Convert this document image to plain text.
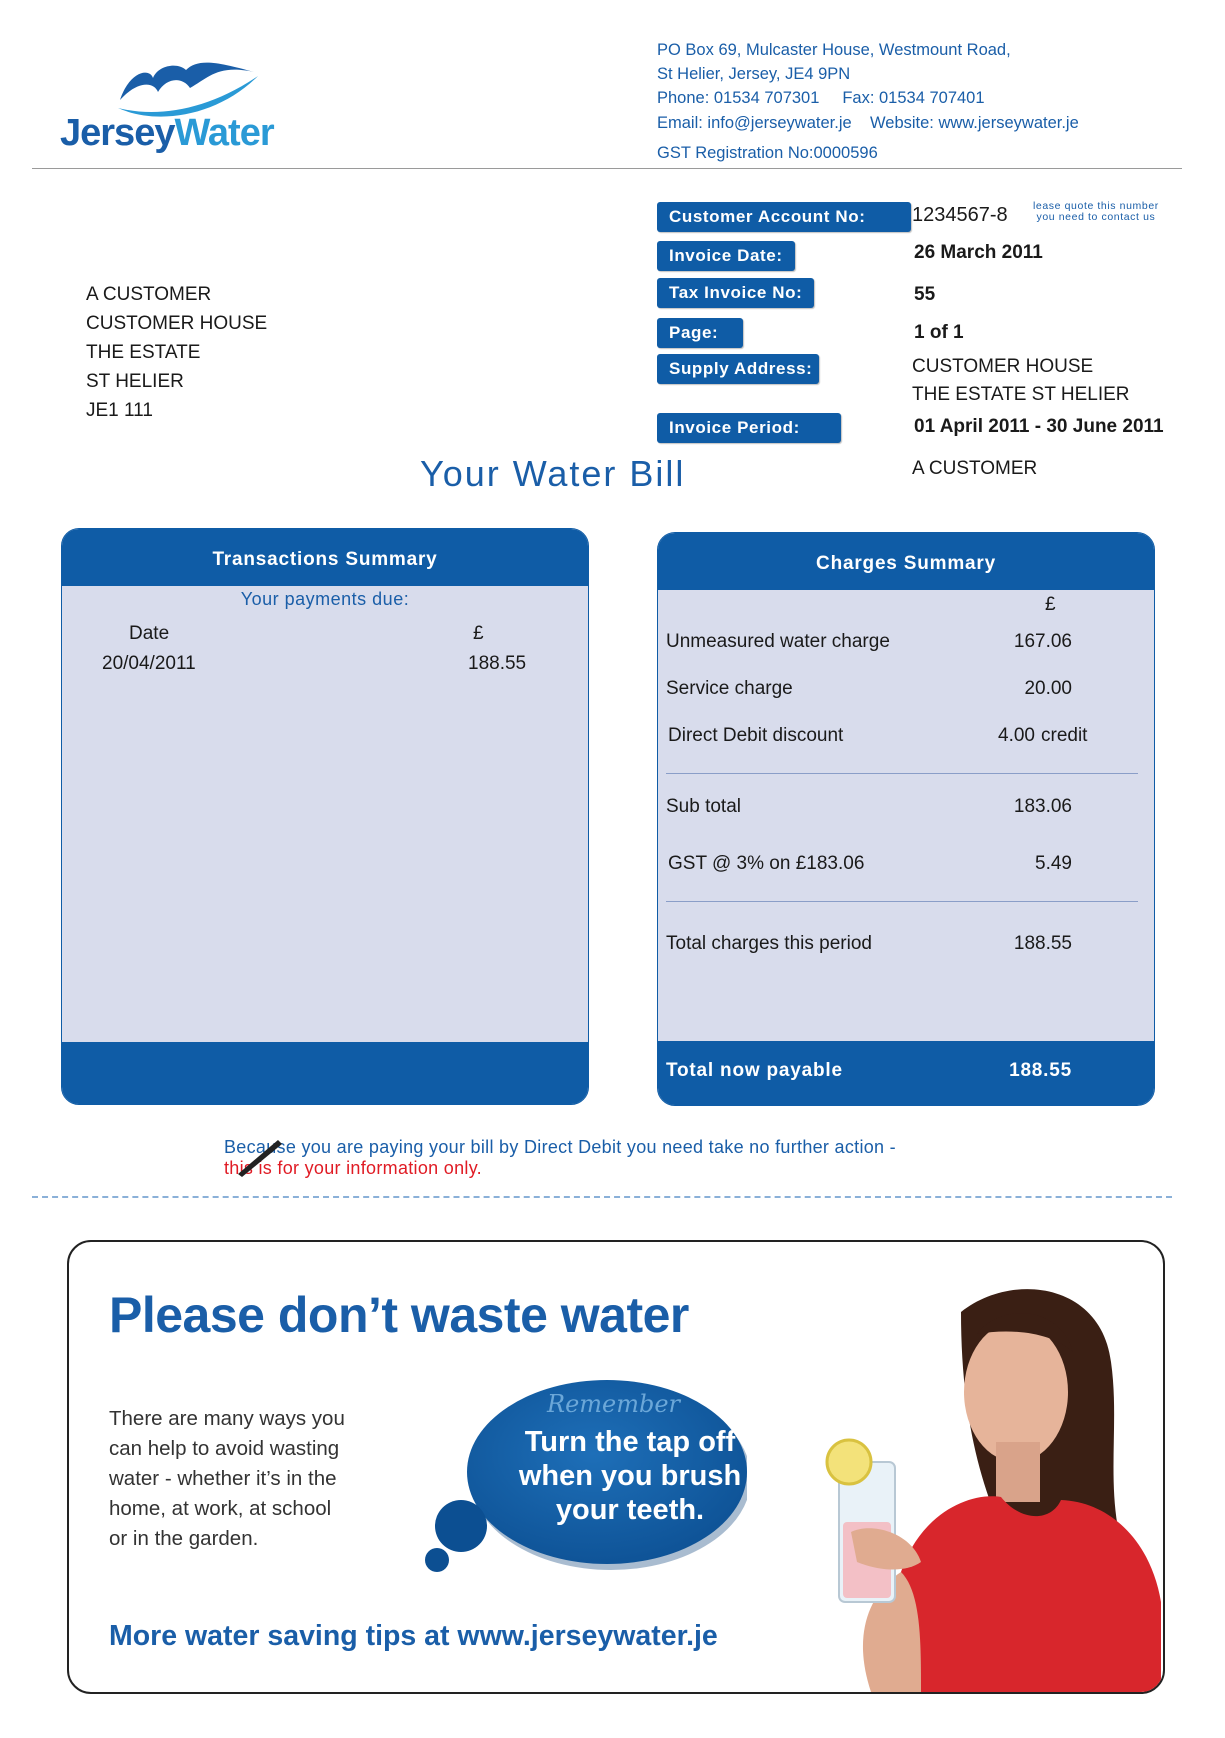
JerseyWater
PO Box 69, Mulcaster House, Westmount Road,
St Helier, Jersey, JE4 9PN
Phone: 01534 707301     Fax: 01534 707401
Email: info@jerseywater.je    Website: www.jerseywater.je
GST Registration No:0000596
Customer Account No:	1234567-8 lease quote this number
you need to contact us
Invoice Date:	26 March 2011
Tax Invoice No:	55
Page:	1 of 1
Supply Address:	CUSTOMER HOUSE
THE ESTATE ST HELIER
Invoice Period:	01 April 2011 - 30 June 2011
A CUSTOMER
A CUSTOMER
CUSTOMER HOUSE
THE ESTATE
ST HELIER
JE1 111
Your Water Bill
Transactions Summary
Your payments due:
Date	£
20/04/2011	188.55
Charges Summary
£
Unmeasured water charge	167.06
Service charge	20.00
Direct Debit discount	4.00 credit
Sub total	183.06
GST @ 3% on £183.06	5.49
Total charges this period	188.55
Total now payable	188.55
Because you are paying your bill by Direct Debit you need take no further action -
this is for your information only.
Please don’t waste water
There are many ways you
can help to avoid wasting
water - whether it’s in the
home, at work, at school
or in the garden.
Remember
Turn the tap off
when you brush
your teeth.
More water saving tips at www.jerseywater.je
